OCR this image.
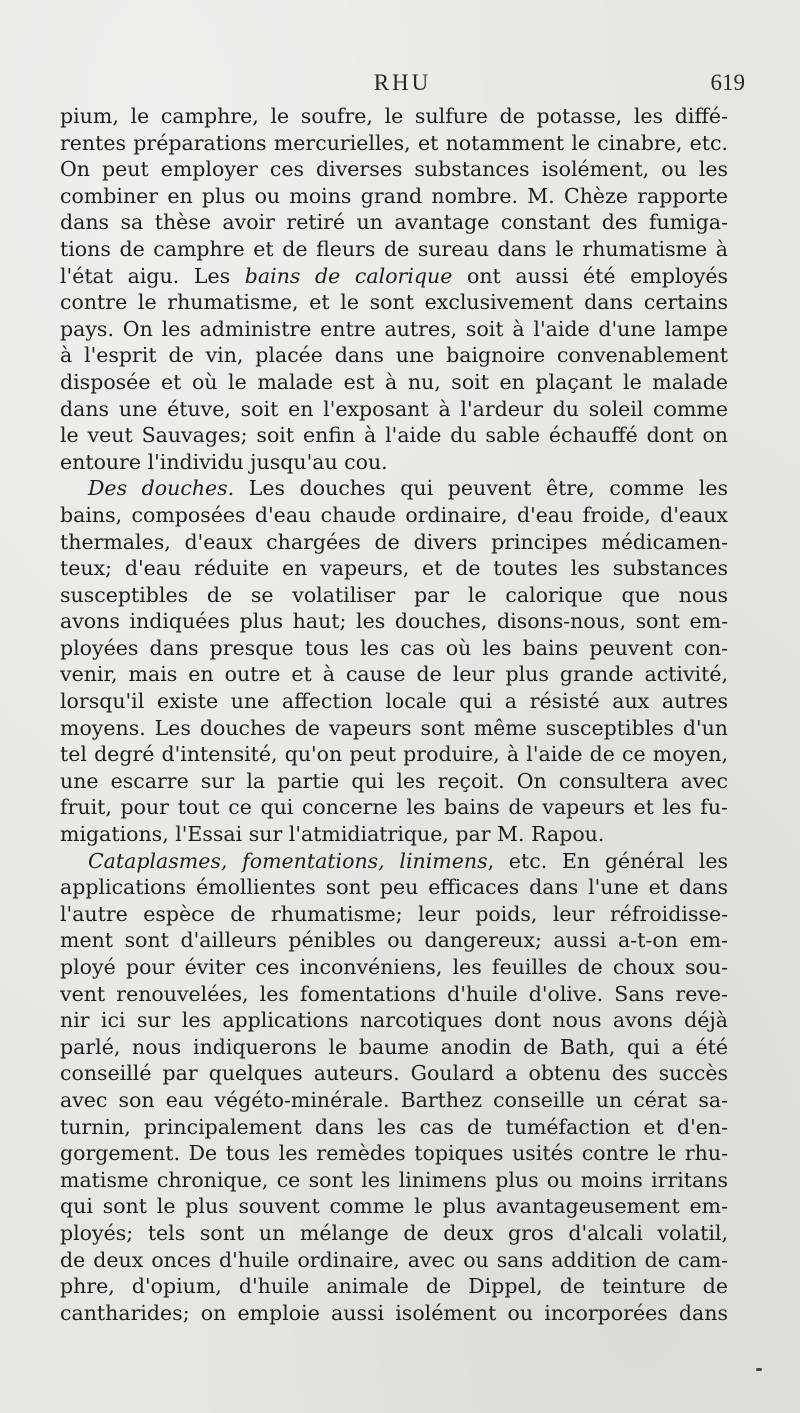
RHU	619
pium, le camphre, le soufre, le sulfure de potasse, les diffé-
rentes préparations mercurielles, et notamment le cinabre, etc.
On peut employer ces diverses substances isolément, ou les
combiner en plus ou moins grand nombre. M. Chèze rapporte
dans sa thèse avoir retiré un avantage constant des fumiga-
tions de camphre et de fleurs de sureau dans le rhumatisme à
l'état aigu. Les bains de calorique ont aussi été employés
contre le rhumatisme, et le sont exclusivement dans certains
pays. On les administre entre autres, soit à l'aide d'une lampe
à l'esprit de vin, placée dans une baignoire convenablement
disposée et où le malade est à nu, soit en plaçant le malade
dans une étuve, soit en l'exposant à l'ardeur du soleil comme
le veut Sauvages; soit enfin à l'aide du sable échauffé dont on
entoure l'individu jusqu'au cou.
Des douches. Les douches qui peuvent être, comme les
bains, composées d'eau chaude ordinaire, d'eau froide, d'eaux
thermales, d'eaux chargées de divers principes médicamen-
teux; d'eau réduite en vapeurs, et de toutes les substances
susceptibles de se volatiliser par le calorique que nous
avons indiquées plus haut; les douches, disons-nous, sont em-
ployées dans presque tous les cas où les bains peuvent con-
venir, mais en outre et à cause de leur plus grande activité,
lorsqu'il existe une affection locale qui a résisté aux autres
moyens. Les douches de vapeurs sont même susceptibles d'un
tel degré d'intensité, qu'on peut produire, à l'aide de ce moyen,
une escarre sur la partie qui les reçoit. On consultera avec
fruit, pour tout ce qui concerne les bains de vapeurs et les fu-
migations, l'Essai sur l'atmidiatrique, par M. Rapou.
Cataplasmes, fomentations, linimens, etc. En général les
applications émollientes sont peu efficaces dans l'une et dans
l'autre espèce de rhumatisme; leur poids, leur réfroidisse-
ment sont d'ailleurs pénibles ou dangereux; aussi a-t-on em-
ployé pour éviter ces inconvéniens, les feuilles de choux sou-
vent renouvelées, les fomentations d'huile d'olive. Sans reve-
nir ici sur les applications narcotiques dont nous avons déjà
parlé, nous indiquerons le baume anodin de Bath, qui a été
conseillé par quelques auteurs. Goulard a obtenu des succès
avec son eau végéto-minérale. Barthez conseille un cérat sa-
turnin, principalement dans les cas de tuméfaction et d'en-
gorgement. De tous les remèdes topiques usités contre le rhu-
matisme chronique, ce sont les linimens plus ou moins irritans
qui sont le plus souvent comme le plus avantageusement em-
ployés; tels sont un mélange de deux gros d'alcali volatil,
de deux onces d'huile ordinaire, avec ou sans addition de cam-
phre, d'opium, d'huile animale de Dippel, de teinture de
cantharides; on emploie aussi isolément ou incorporées dans
